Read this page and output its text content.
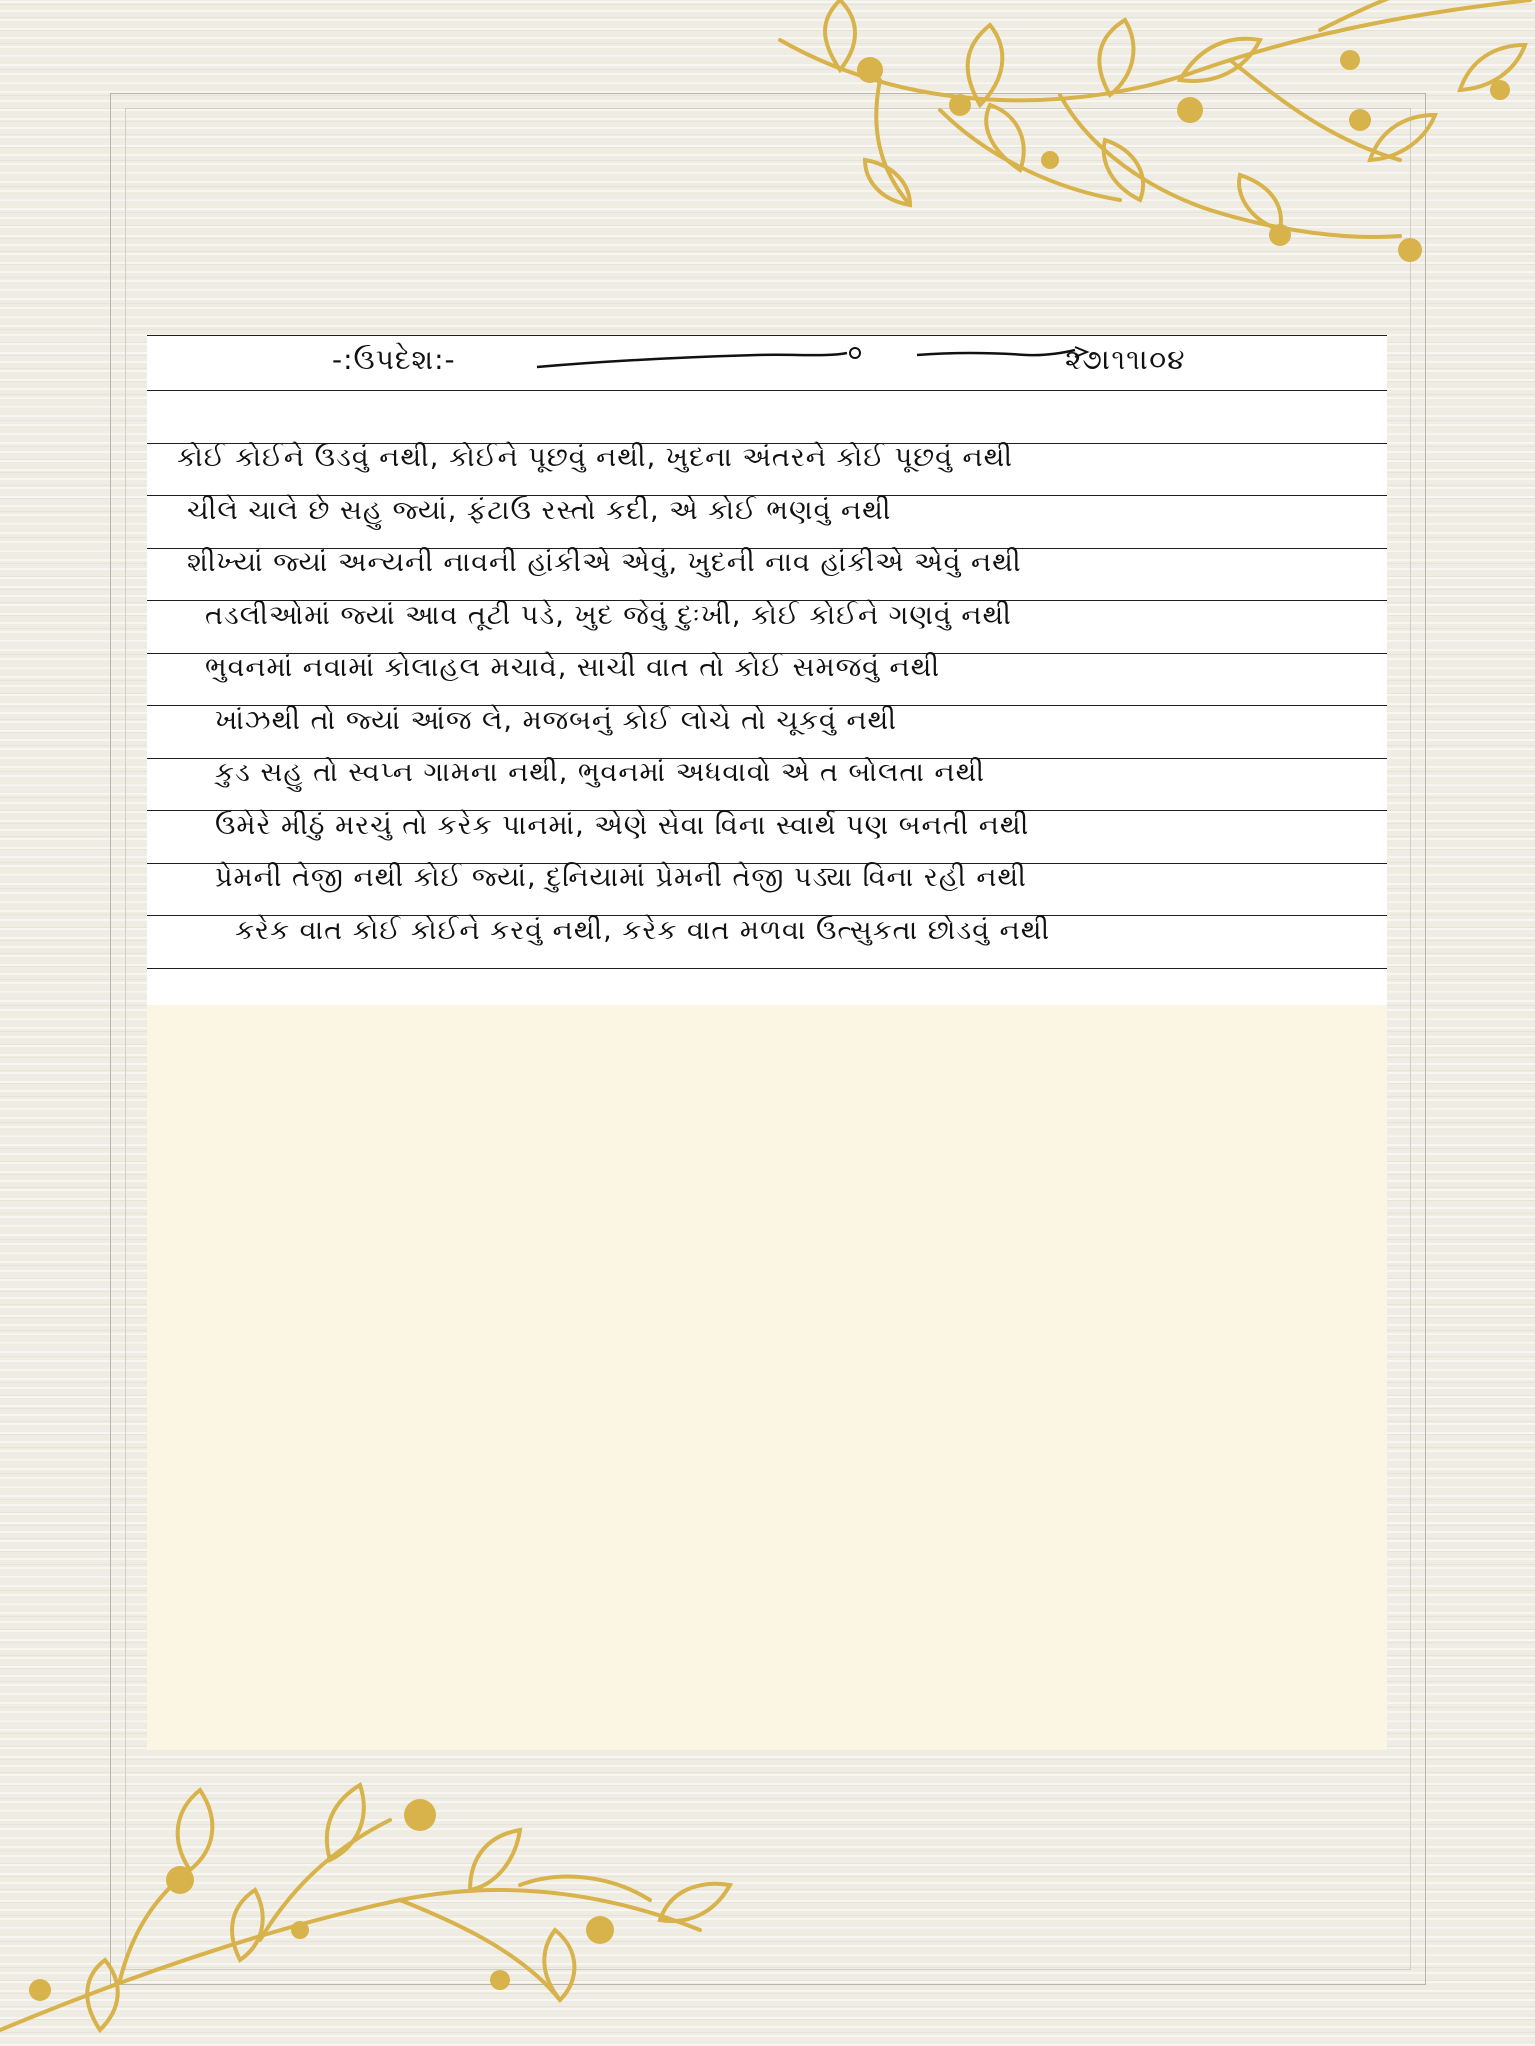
-:ઉપદેશ:-	૨૭।૧૧।૦૪

કોઈ કોઈને ઉડવું નથી, કોઈને પૂછવું નથી, ખુદના અંતરને કોઈ પૂછવું નથી

ચીલે ચાલે છે સહુ જ્યાં, ફંટાઉ રસ્તો કદી, એ કોઈ ભણવું નથી

શીખ્યાં જ્યાં અન્યની નાવની હાંકીએ એવું, ખુદની નાવ હાંકીએ એવું નથી

તડલીઓમાં જ્યાં આવ તૂટી પડે, ખુદ જેવું દુઃખી, કોઈ કોઈને ગણવું નથી

ભુવનમાં નવામાં કોલાહલ મચાવે, સાચી વાત તો કોઈ સમજવું નથી

ખાંઝથી તો જ્યાં આંજ લે, મજબનું કોઈ લોચે તો ચૂકવું નથી

કુડ સહુ તો સ્વપ્ન ગામના નથી, ભુવનમાં અધવાવો એ ત બોલતા નથી

ઉમેરે મીઠું મરચું તો કરેક પાનમાં, એણે સેવા વિના સ્વાર્થ પણ બનતી નથી

પ્રેમની તેજી નથી કોઈ જ્યાં, દુનિયામાં પ્રેમની તેજી પડ્યા વિના રહી નથી

કરેક વાત કોઈ કોઈને કરવું નથી, કરેક વાત મળવા ઉત્સુકતા છોડવું નથી
